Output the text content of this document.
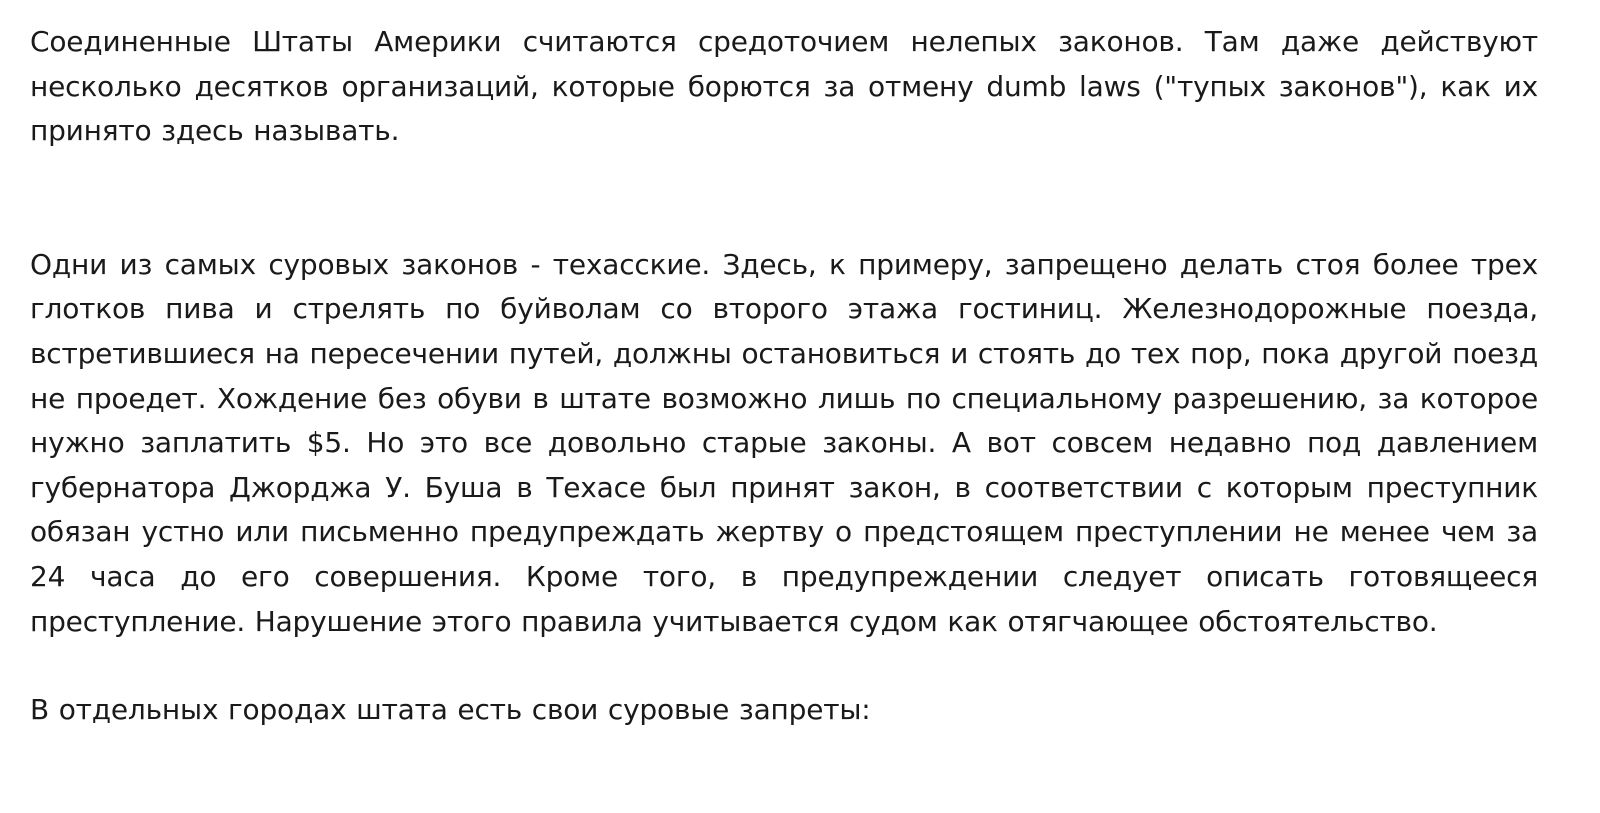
Соединенные Штаты Америки считаются средоточием нелепых законов. Там даже действуют несколько десятков организаций, которые борются за отмену dumb laws ("тупых законов"), как их принято здесь называть.

Одни из самых суровых законов - техасские. Здесь, к примеру, запрещено делать стоя более трех глотков пива и стрелять по буйволам со второго этажа гостиниц. Железнодорожные поезда, встретившиеся на пересечении путей, должны остановиться и стоять до тех пор, пока другой поезд не проедет. Хождение без обуви в штате возможно лишь по специальному разрешению, за которое нужно заплатить $5. Но это все довольно старые законы. А вот совсем недавно под давлением губернатора Джорджа У. Буша в Техасе был принят закон, в соответствии с которым преступник обязан устно или письменно предупреждать жертву о предстоящем преступлении не менее чем за 24 часа до его совершения. Кроме того, в предупреждении следует описать готовящееся преступление. Нарушение этого правила учитывается судом как отягчающее обстоятельство.

В отдельных городах штата есть свои суровые запреты:
